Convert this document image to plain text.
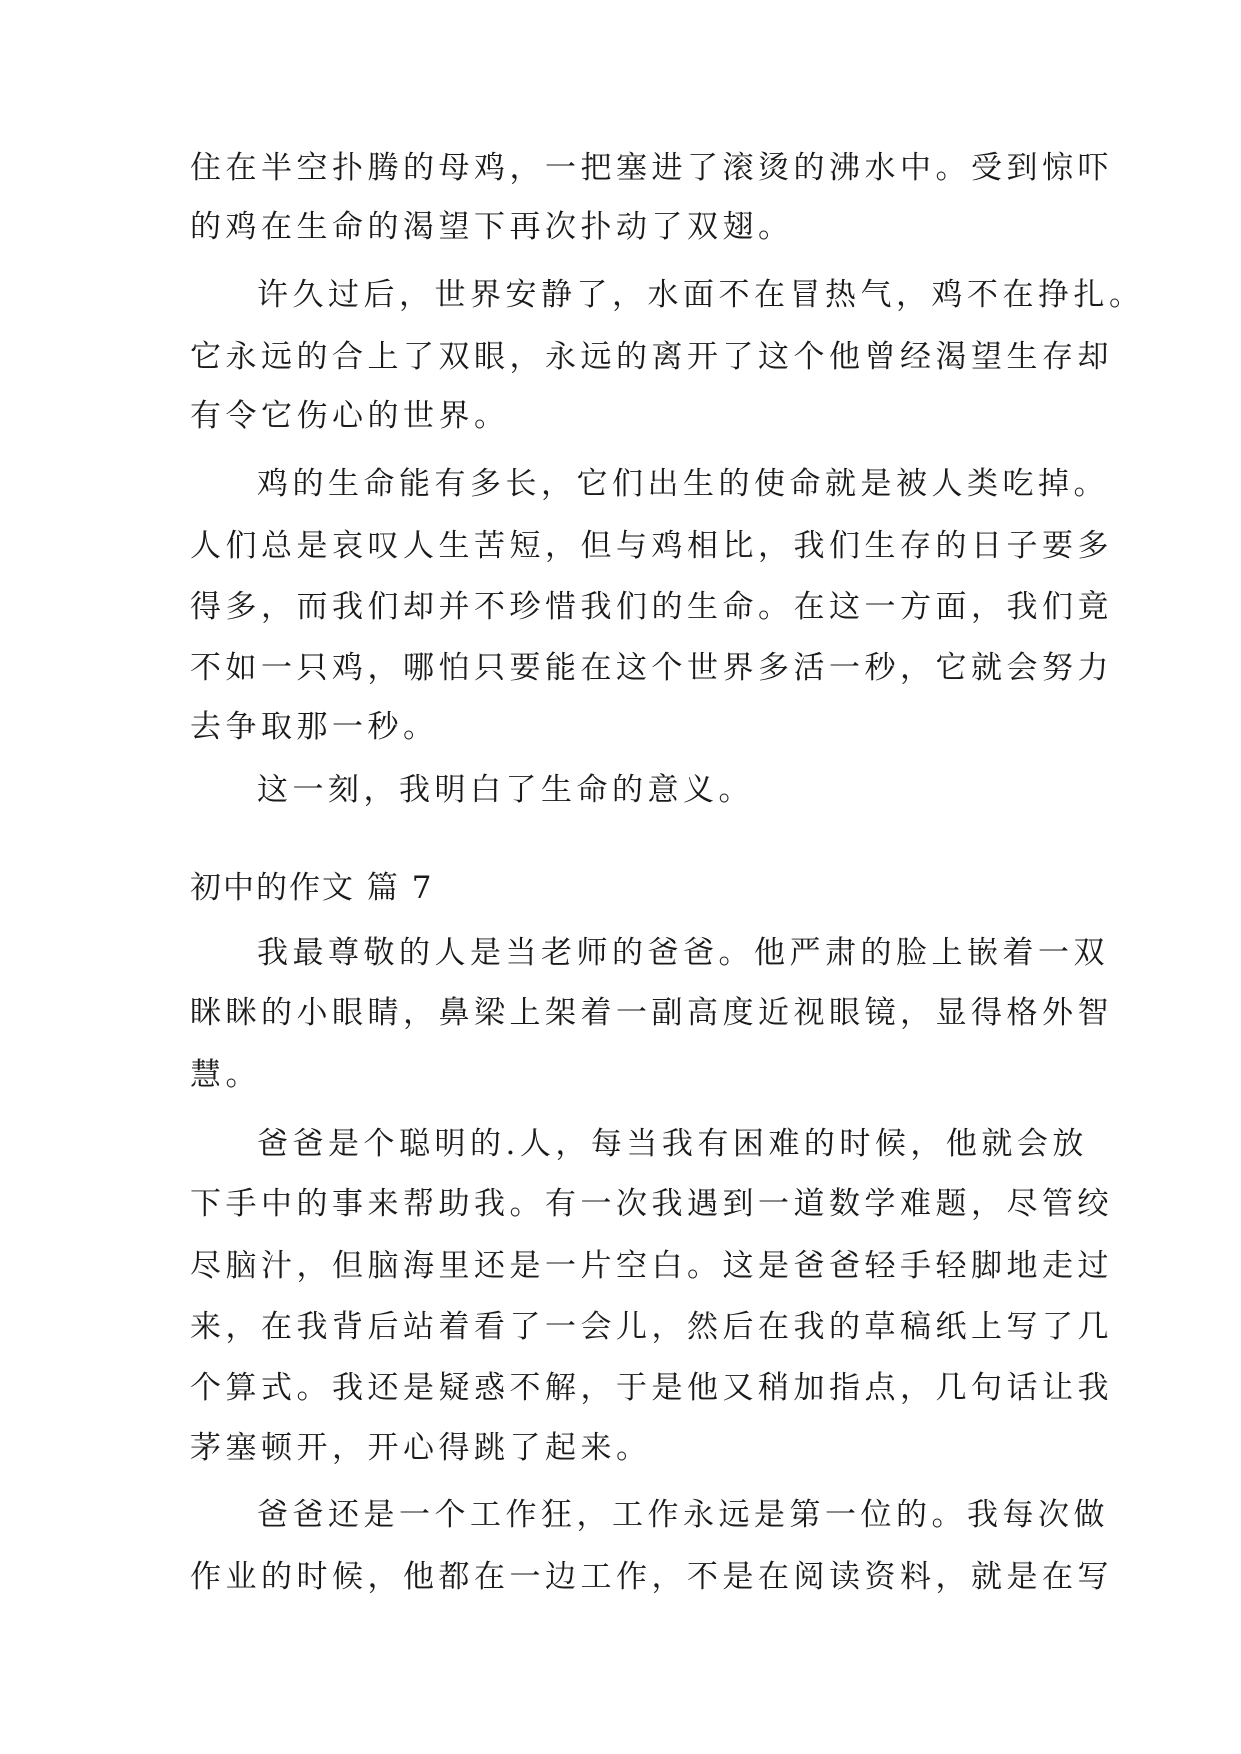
住在半空扑腾的母鸡，一把塞进了滚烫的沸水中。受到惊吓
的鸡在生命的渴望下再次扑动了双翅。
许久过后，世界安静了，水面不在冒热气，鸡不在挣扎。
它永远的合上了双眼，永远的离开了这个他曾经渴望生存却
有令它伤心的世界。
鸡的生命能有多长，它们出生的使命就是被人类吃掉。
人们总是哀叹人生苦短，但与鸡相比，我们生存的日子要多
得多，而我们却并不珍惜我们的生命。在这一方面，我们竟
不如一只鸡，哪怕只要能在这个世界多活一秒，它就会努力
去争取那一秒。
这一刻，我明白了生命的意义。
初中的作文 篇 7
我最尊敬的人是当老师的爸爸。他严肃的脸上嵌着一双
眯眯的小眼睛，鼻梁上架着一副高度近视眼镜，显得格外智
慧。
爸爸是个聪明的.人，每当我有困难的时候，他就会放
下手中的事来帮助我。有一次我遇到一道数学难题，尽管绞
尽脑汁，但脑海里还是一片空白。这是爸爸轻手轻脚地走过
来，在我背后站着看了一会儿，然后在我的草稿纸上写了几
个算式。我还是疑惑不解，于是他又稍加指点，几句话让我
茅塞顿开，开心得跳了起来。
爸爸还是一个工作狂，工作永远是第一位的。我每次做
作业的时候，他都在一边工作，不是在阅读资料，就是在写
